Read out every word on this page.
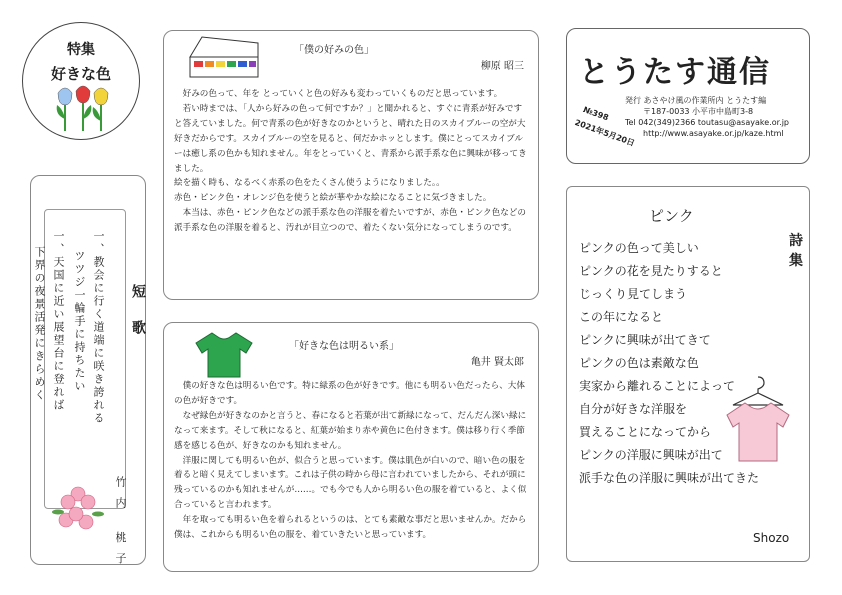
特集
好きな色
短歌
一、教会に行く道端に咲き誇れる
ツツジ一輪手に持ちたい
一、天国に近い展望台に登れば
下界の夜景活発にきらめく
竹内 桃子
「僕の好みの色」
柳原 昭三

好みの色って、年を とっていくと色の好みも変わっていくものだと思っています。

若い時までは、「人から好みの色って何ですか？」と聞かれると、すぐに青系が好みですと答えていました。何で青系の色が好きなのかというと、晴れた日のスカイブルーの空が大好きだからです。スカイブルーの空を見ると、何だかホッとします。僕にとってスカイブルーは癒し系の色かも知れません。年をとっていくと、青系から派手系な色に興味が移ってきました。

絵を描く時も、なるべく赤系の色をたくさん使うようになりました。。

赤色・ピンク色・オレンジ色を使うと絵が華やかな絵になることに気づきました。

本当は、赤色・ピンク色などの派手系な色の洋服を着たいですが、赤色・ピンク色などの派手系な色の洋服を着ると、汚れが目立つので、着たくない気分になってしまうのです。

「好きな色は明るい系」
亀井 賢太郎

僕の好きな色は明るい色です。特に緑系の色が好きです。他にも明るい色だったら、大体の色が好きです。

なぜ緑色が好きなのかと言うと、春になると若葉が出て新緑になって、だんだん深い緑になって来ます。そして秋になると、紅葉が始まり赤や黄色に色付きます。僕は移り行く季節感を感じる色が、好きなのかも知れません。

洋服に関しても明るい色が、似合うと思っています。僕は肌色が白いので、暗い色の服を着ると暗く見えてしまいます。これは子供の時から母に言われていましたから、それが頭に残っているのかも知れませんが……。でも今でも人から明るい色の服を着ていると、よく似合っていると言われます。

年を取っても明るい色を着られるというのは、とても素敵な事だと思いませんか。だから僕は、これからも明るい色の服を、着ていきたいと思っています。

とうたす通信
№398
2021年5月20日
発行 あさやけ風の作業所内 とうたす編
〒187-0033 小平市中島町3-8
Tel 042(349)2366 toutasu@asayake.or.jp
http://www.asayake.or.jp/kaze.html
ピンク
詩集
ピンクの色って美しい
ピンクの花を見たりすると
じっくり見てしまう
この年になると
ピンクに興味が出てきて
ピンクの色は素敵な色
実家から離れることによって
自分が好きな洋服を
買えることになってから
ピンクの洋服に興味が出て
派手な色の洋服に興味が出てきた
Shozo
